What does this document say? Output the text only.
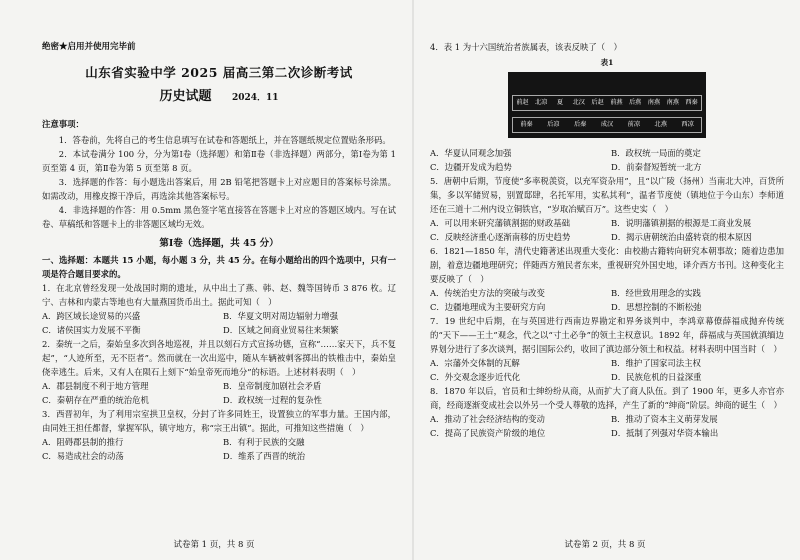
绝密★启用并使用完毕前
山东省实验中学 2025 届高三第二次诊断考试
历史试题 2024．11
注意事项：
1．答卷前，先将自己的考生信息填写在试卷和答题纸上，并在答题纸规定位置贴条形码。
2．本试卷满分 100 分，分为第Ⅰ卷（选择题）和第Ⅱ卷（非选择题）两部分，第Ⅰ卷为第 1 页至第 4 页，第Ⅱ卷为第 5 页至第 8 页。
3．选择题的作答：每小题选出答案后，用 2B 铅笔把答题卡上对应题目的答案标号涂黑。如需改动，用橡皮擦干净后，再选涂其他答案标号。
4．非选择题的作答：用 0.5mm 黑色签字笔直接答在答题卡上对应的答题区域内。写在试卷、草稿纸和答题卡上的非答题区域均无效。
第Ⅰ卷（选择题，共 45 分）
一、选择题：本题共 15 小题，每小题 3 分，共 45 分。在每小题给出的四个选项中，只有一项是符合题目要求的。
1．在北京曾经发现一处战国时期的遗址，从中出土了燕、韩、赵、魏等国铸币 3 876 枚。辽宁、吉林和内蒙古等地也有大量燕国货币出土。据此可知（　）
A．跨区域长途贸易的兴盛	B．华夏文明对周边辐射力增强
C．诸侯国实力发展不平衡	D．区域之间商业贸易往来频繁
2．秦统一之后，秦始皇多次到各地巡视，并且以刻石方式宣扬功德，宣称“……家天下，兵不复起”，“人迹所至，无不臣者”。然而就在一次出巡中，随从车辆被刺客掷出的铁椎击中，秦始皇侥幸逃生。后来，又有人在陨石上刻下“始皇帝死而地分”的标语。上述材料表明（　）
A．郡县制度不利于地方管理	B．皇帝制度加剧社会矛盾
C．秦朝存在严重的统治危机	D．政权统一过程的复杂性
3．西晋初年，为了利用宗室拱卫皇权，分封了许多同姓王，设置独立的军事力量。王国内部，由同姓王担任都督，掌握军队，镇守地方，称“宗王出镇”。据此，可推知这些措施（　）
A．阻碍郡县制的推行	B．有利于民族的交融
C．易造成社会的动荡	D．维系了西晋的统治
试卷第 1 页，共 8 页
4．表 1 为十六国统治者族属表，该表反映了（　）
表1
前赵	北凉	夏	北汉	后赵	前燕	后燕	南燕	南燕	西秦
前秦	后凉	后秦	成汉	前凉	北燕	西凉
A．华夏认同观念加强	B．政权统一局面的奠定
C．边疆开发成为趋势	D．前秦督短暂统一北方
5．唐朝中后期，节度使“多率税羡资，以充军资杂用”，且“以广陵（扬州）当南北大冲，百货所集，多以军储贸易，别置邸肆，名托军用，实私其利”，温者节度使（镇地位于今山东）李师道还在三道十二州内设立铜铁官，“岁取冶赋百万”。这些史实（　）
A．可以用来研究藩镇割据的财政基础	B．说明藩镇割据的根源是工商业发展
C．反映经济重心逐渐南移的历史趋势	D．揭示唐朝统治由盛转衰的根本原因
6．1821—1850 年，清代史籍著述出现重大变化：由校勘古籍转向研究本朝事故；随着边患加剧，着意边疆地理研究；伴随西方殖民者东来，重视研究外国史地，译介西方书刊。这种变化主要反映了（　）
A．传统治史方法的突破与改变	B．经世致用理念的实践
C．边疆地理成为主要研究方向	D．思想控制的不断松弛
7．19 世纪中后期，在与英国进行西南边界勘定和界务谈判中，李鸿章幕僚薛福成抛弃传统的“天下——王土”观念，代之以“寸土必争”的领土主权意识。1892 年，薛福成与英国就滇缅边界划分进行了多次谈判，据引国际公约，收回了滇边部分领土和权益。材料表明中国当时（　）
A．宗藩外交体制的瓦解	B．维护了国家司法主权
C．外交观念逐步近代化	D．民族危机的日益深重
8．1870 年以后，官员和士绅纷纷从商，从而扩大了商人队伍。到了 1900 年，更多人亦官亦商，经商逐渐变成社会以外另一个受人尊敬的选择，产生了新的“绅商”阶层。绅商的诞生（　）
A．推动了社会经济结构的变动	B．推动了资本主义萌芽发展
C．提高了民族资产阶级的地位	D．抵制了列强对华资本输出
试卷第 2 页，共 8 页
